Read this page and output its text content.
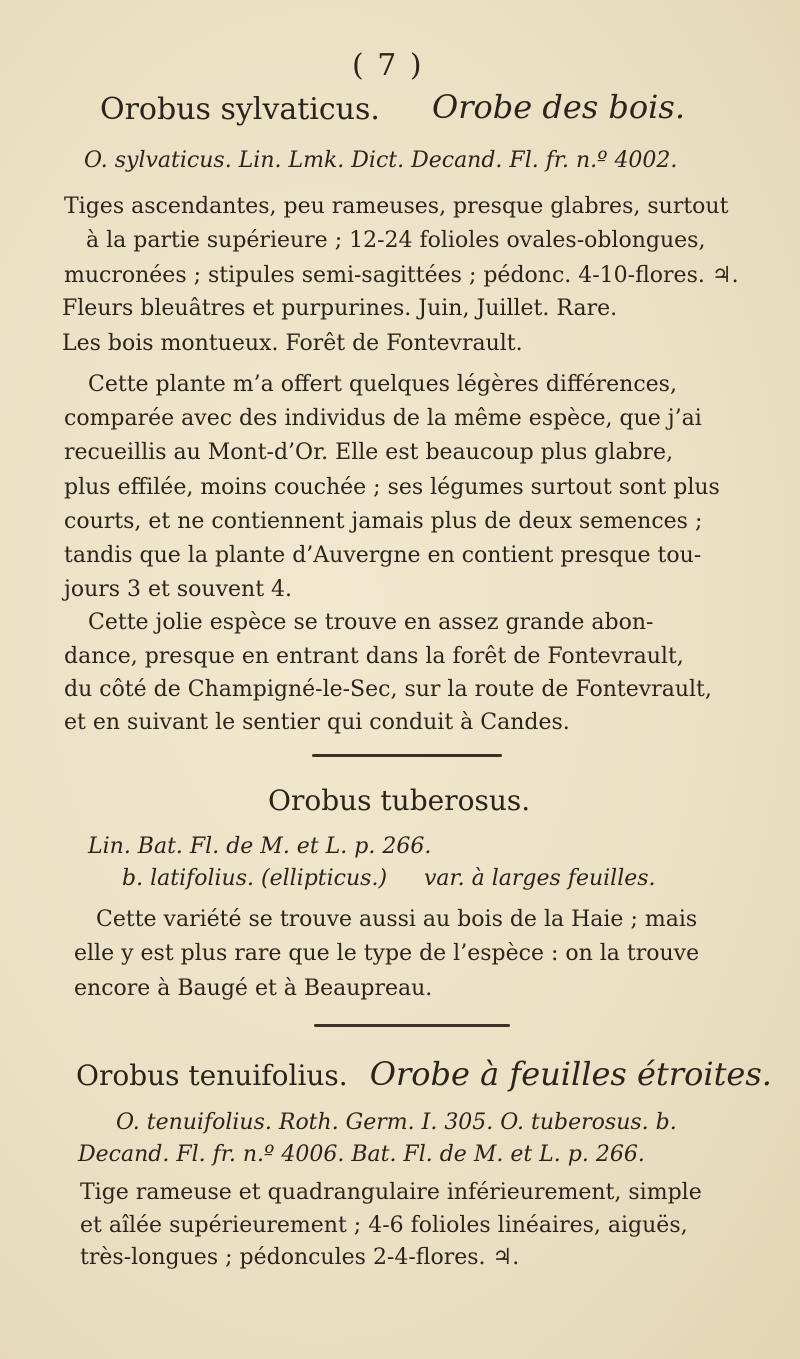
( 7 )
Orobus sylvaticus. Orobe des bois.
O. sylvaticus. Lin. Lmk. Dict. Decand. Fl. fr. n.º 4002.
Tiges ascendantes, peu rameuses, presque glabres, surtout
à la partie supérieure ; 12-24 folioles ovales-oblongues,
mucronées ; stipules semi-sagittées ; pédonc. 4-10-flores. ♃.
Fleurs bleuâtres et purpurines. Juin, Juillet. Rare.
Les bois montueux. Forêt de Fontevrault.
Cette plante m’a offert quelques légères différences,
comparée avec des individus de la même espèce, que j’ai
recueillis au Mont-d’Or. Elle est beaucoup plus glabre,
plus effilée, moins couchée ; ses légumes surtout sont plus
courts, et ne contiennent jamais plus de deux semences ;
tandis que la plante d’Auvergne en contient presque tou-
jours 3 et souvent 4.
Cette jolie espèce se trouve en assez grande abon-
dance, presque en entrant dans la forêt de Fontevrault,
du côté de Champigné-le-Sec, sur la route de Fontevrault,
et en suivant le sentier qui conduit à Candes.
Orobus tuberosus.
Lin. Bat. Fl. de M. et L. p. 266.
b. latifolius. (ellipticus.) var. à larges feuilles.
Cette variété se trouve aussi au bois de la Haie ; mais
elle y est plus rare que le type de l’espèce : on la trouve
encore à Baugé et à Beaupreau.
Orobus tenuifolius. Orobe à feuilles étroites.
O. tenuifolius. Roth. Germ. I. 305. O. tuberosus. b.
Decand. Fl. fr. n.º 4006. Bat. Fl. de M. et L. p. 266.
Tige rameuse et quadrangulaire inférieurement, simple
et aîlée supérieurement ; 4-6 folioles linéaires, aiguës,
très-longues ; pédoncules 2-4-flores. ♃.
